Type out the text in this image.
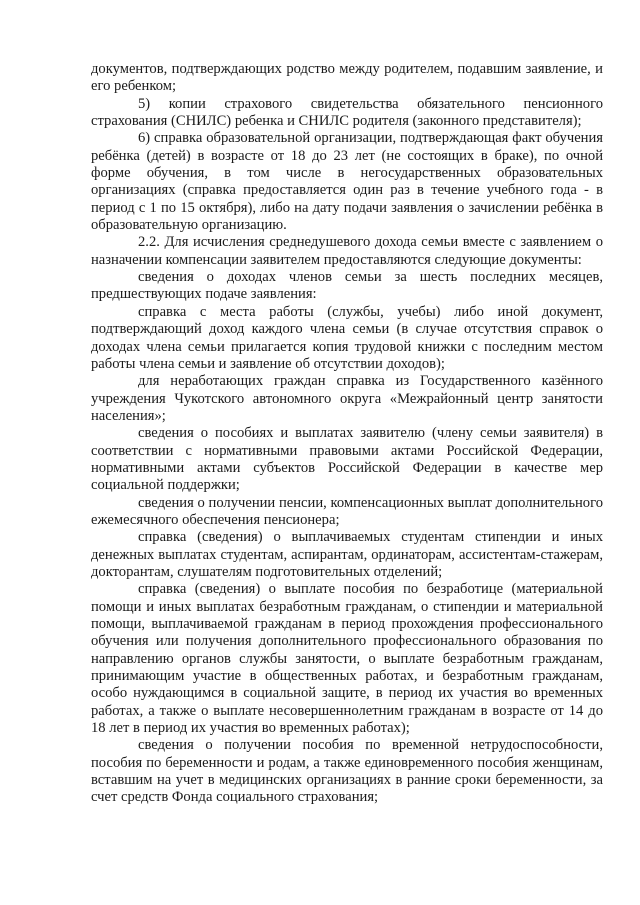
документов, подтверждающих родство между родителем, подавшим заявление, и его ребенком;

5) копии страхового свидетельства обязательного пенсионного страхования (СНИЛС) ребенка и СНИЛС родителя (законного представителя);

6) справка образовательной организации, подтверждающая факт обучения ребёнка (детей) в возрасте от 18 до 23 лет (не состоящих в браке), по очной форме обучения, в том числе в негосударственных образовательных организациях (справка предоставляется один раз в течение учебного года - в период с 1 по 15 октября), либо на дату подачи заявления о зачислении ребёнка в образовательную организацию.

2.2. Для исчисления среднедушевого дохода семьи вместе с заявлением о назначении компенсации заявителем предоставляются следующие документы:

сведения о доходах членов семьи за шесть последних месяцев, предшествующих подаче заявления:

справка с места работы (службы, учебы) либо иной документ, подтверждающий доход каждого члена семьи (в случае отсутствия справок о доходах члена семьи прилагается копия трудовой книжки с последним местом работы члена семьи и заявление об отсутствии доходов);

для неработающих граждан справка из Государственного казённого учреждения Чукотского автономного округа «Межрайонный центр занятости населения»;

сведения о пособиях и выплатах заявителю (члену семьи заявителя) в соответствии с нормативными правовыми актами Российской Федерации, нормативными актами субъектов Российской Федерации в качестве мер социальной поддержки;

сведения о получении пенсии, компенсационных выплат дополнительного ежемесячного обеспечения пенсионера;

справка (сведения) о выплачиваемых студентам стипендии и иных денежных выплатах студентам, аспирантам, ординаторам, ассистентам-стажерам, докторантам, слушателям подготовительных отделений;

справка (сведения) о выплате пособия по безработице (материальной помощи и иных выплатах безработным гражданам, о стипендии и материальной помощи, выплачиваемой гражданам в период прохождения профессионального обучения или получения дополнительного профессионального образования по направлению органов службы занятости, о выплате безработным гражданам, принимающим участие в общественных работах, и безработным гражданам, особо нуждающимся в социальной защите, в период их участия во временных работах, а также о выплате несовершеннолетним гражданам в возрасте от 14 до 18 лет в период их участия во временных работах);

сведения о получении пособия по временной нетрудоспособности, пособия по беременности и родам, а также единовременного пособия женщинам, вставшим на учет в медицинских организациях в ранние сроки беременности, за счет средств Фонда социального страхования;
